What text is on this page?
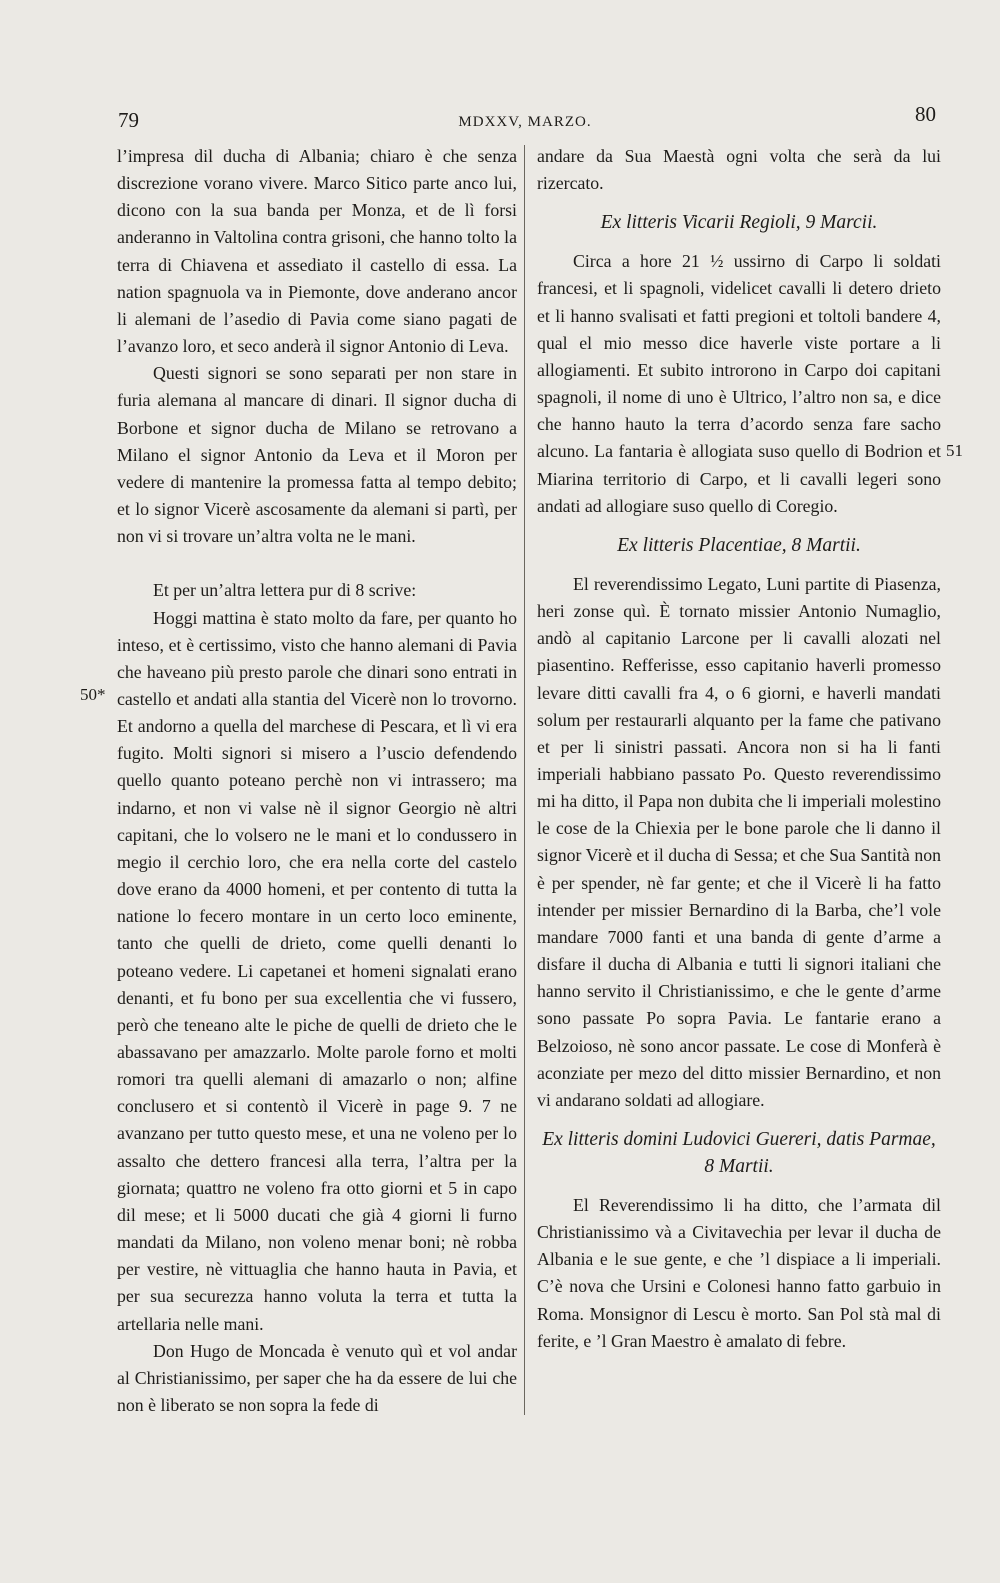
79	MDXXV, MARZO.	80
50*
51

l’impresa dil ducha di Albania; chiaro è che senza discrezione vorano vivere. Marco Sitico parte anco lui, dicono con la sua banda per Monza, et de lì forsi anderanno in Valtolina contra grisoni, che hanno tolto la terra di Chiavena et assediato il castello di essa. La nation spagnuola va in Piemonte, dove anderano ancor li alemani de l’asedio di Pavia come siano pagati de l’avanzo loro, et seco anderà il signor Antonio di Leva.

Questi signori se sono separati per non stare in furia alemana al mancare di dinari. Il signor ducha di Borbone et signor ducha de Milano se retrovano a Milano el signor Antonio da Leva et il Moron per vedere di mantenire la promessa fatta al tempo debito; et lo signor Vicerè ascosamente da alemani si partì, per non vi si trovare un’altra volta ne le mani.

Et per un’altra lettera pur di 8 scrive:

Hoggi mattina è stato molto da fare, per quanto ho inteso, et è certissimo, visto che hanno alemani di Pavia che haveano più presto parole che dinari sono entrati in castello et andati alla stantia del Vicerè non lo trovorno. Et andorno a quella del marchese di Pescara, et lì vi era fugito. Molti signori si misero a l’uscio defendendo quello quanto poteano perchè non vi intrassero; ma indarno, et non vi valse nè il signor Georgio nè altri capitani, che lo volsero ne le mani et lo condussero in megio il cerchio loro, che era nella corte del castelo dove erano da 4000 homeni, et per contento di tutta la natione lo fecero montare in un certo loco eminente, tanto che quelli de drieto, come quelli denanti lo poteano vedere. Li capetanei et homeni signalati erano denanti, et fu bono per sua excellentia che vi fussero, però che teneano alte le piche de quelli de drieto che le abassavano per amazzarlo. Molte parole forno et molti romori tra quelli alemani di amazarlo o non; alfine conclusero et si contentò il Vicerè in page 9. 7 ne avanzano per tutto questo mese, et una ne voleno per lo assalto che dettero francesi alla terra, l’altra per la giornata; quattro ne voleno fra otto giorni et 5 in capo dil mese; et li 5000 ducati che già 4 giorni li furno mandati da Milano, non voleno menar boni; nè robba per vestire, nè vittuaglia che hanno hauta in Pavia, et per sua securezza hanno voluta la terra et tutta la artellaria nelle mani.

Don Hugo de Moncada è venuto quì et vol andar al Christianissimo, per saper che ha da essere de lui che non è liberato se non sopra la fede di

andare da Sua Maestà ogni volta che serà da lui rizercato.

Ex litteris Vicarii Regioli, 9 Marcii.

Circa a hore 21 ½ ussirno di Carpo li soldati francesi, et li spagnoli, videlicet cavalli li detero drieto et li hanno svalisati et fatti pregioni et toltoli bandere 4, qual el mio messo dice haverle viste portare a li allogiamenti. Et subito introrono in Carpo doi capitani spagnoli, il nome di uno è Ultrico, l’altro non sa, e dice che hanno hauto la terra d’acordo senza fare sacho alcuno. La fantaria è allogiata suso quello di Bodrion et Miarina territorio di Carpo, et li cavalli legeri sono andati ad allogiare suso quello di Coregio.

Ex litteris Placentiae, 8 Martii.

El reverendissimo Legato, Luni partite di Piasenza, heri zonse quì. È tornato missier Antonio Numaglio, andò al capitanio Larcone per li cavalli alozati nel piasentino. Refferisse, esso capitanio haverli promesso levare ditti cavalli fra 4, o 6 giorni, e haverli mandati solum per restaurarli alquanto per la fame che pativano et per li sinistri passati. Ancora non si ha li fanti imperiali habbiano passato Po. Questo reverendissimo mi ha ditto, il Papa non dubita che li imperiali molestino le cose de la Chiexia per le bone parole che li danno il signor Vicerè et il ducha di Sessa; et che Sua Santità non è per spender, nè far gente; et che il Vicerè li ha fatto intender per missier Bernardino di la Barba, che’l vole mandare 7000 fanti et una banda di gente d’arme a disfare il ducha di Albania e tutti li signori italiani che hanno servito il Christianissimo, e che le gente d’arme sono passate Po sopra Pavia. Le fantarie erano a Belzoioso, nè sono ancor passate. Le cose di Monferà è aconziate per mezo del ditto missier Bernardino, et non vi andarano soldati ad allogiare.

Ex litteris domini Ludovici Guereri, datis Parmae, 8 Martii.

El Reverendissimo li ha ditto, che l’armata dil Christianissimo và a Civitavechia per levar il ducha de Albania e le sue gente, e che ’l dispiace a li imperiali. C’è nova che Ursini e Colonesi hanno fatto garbuio in Roma. Monsignor di Lescu è morto. San Pol stà mal di ferite, e ’l Gran Maestro è amalato di febre.
